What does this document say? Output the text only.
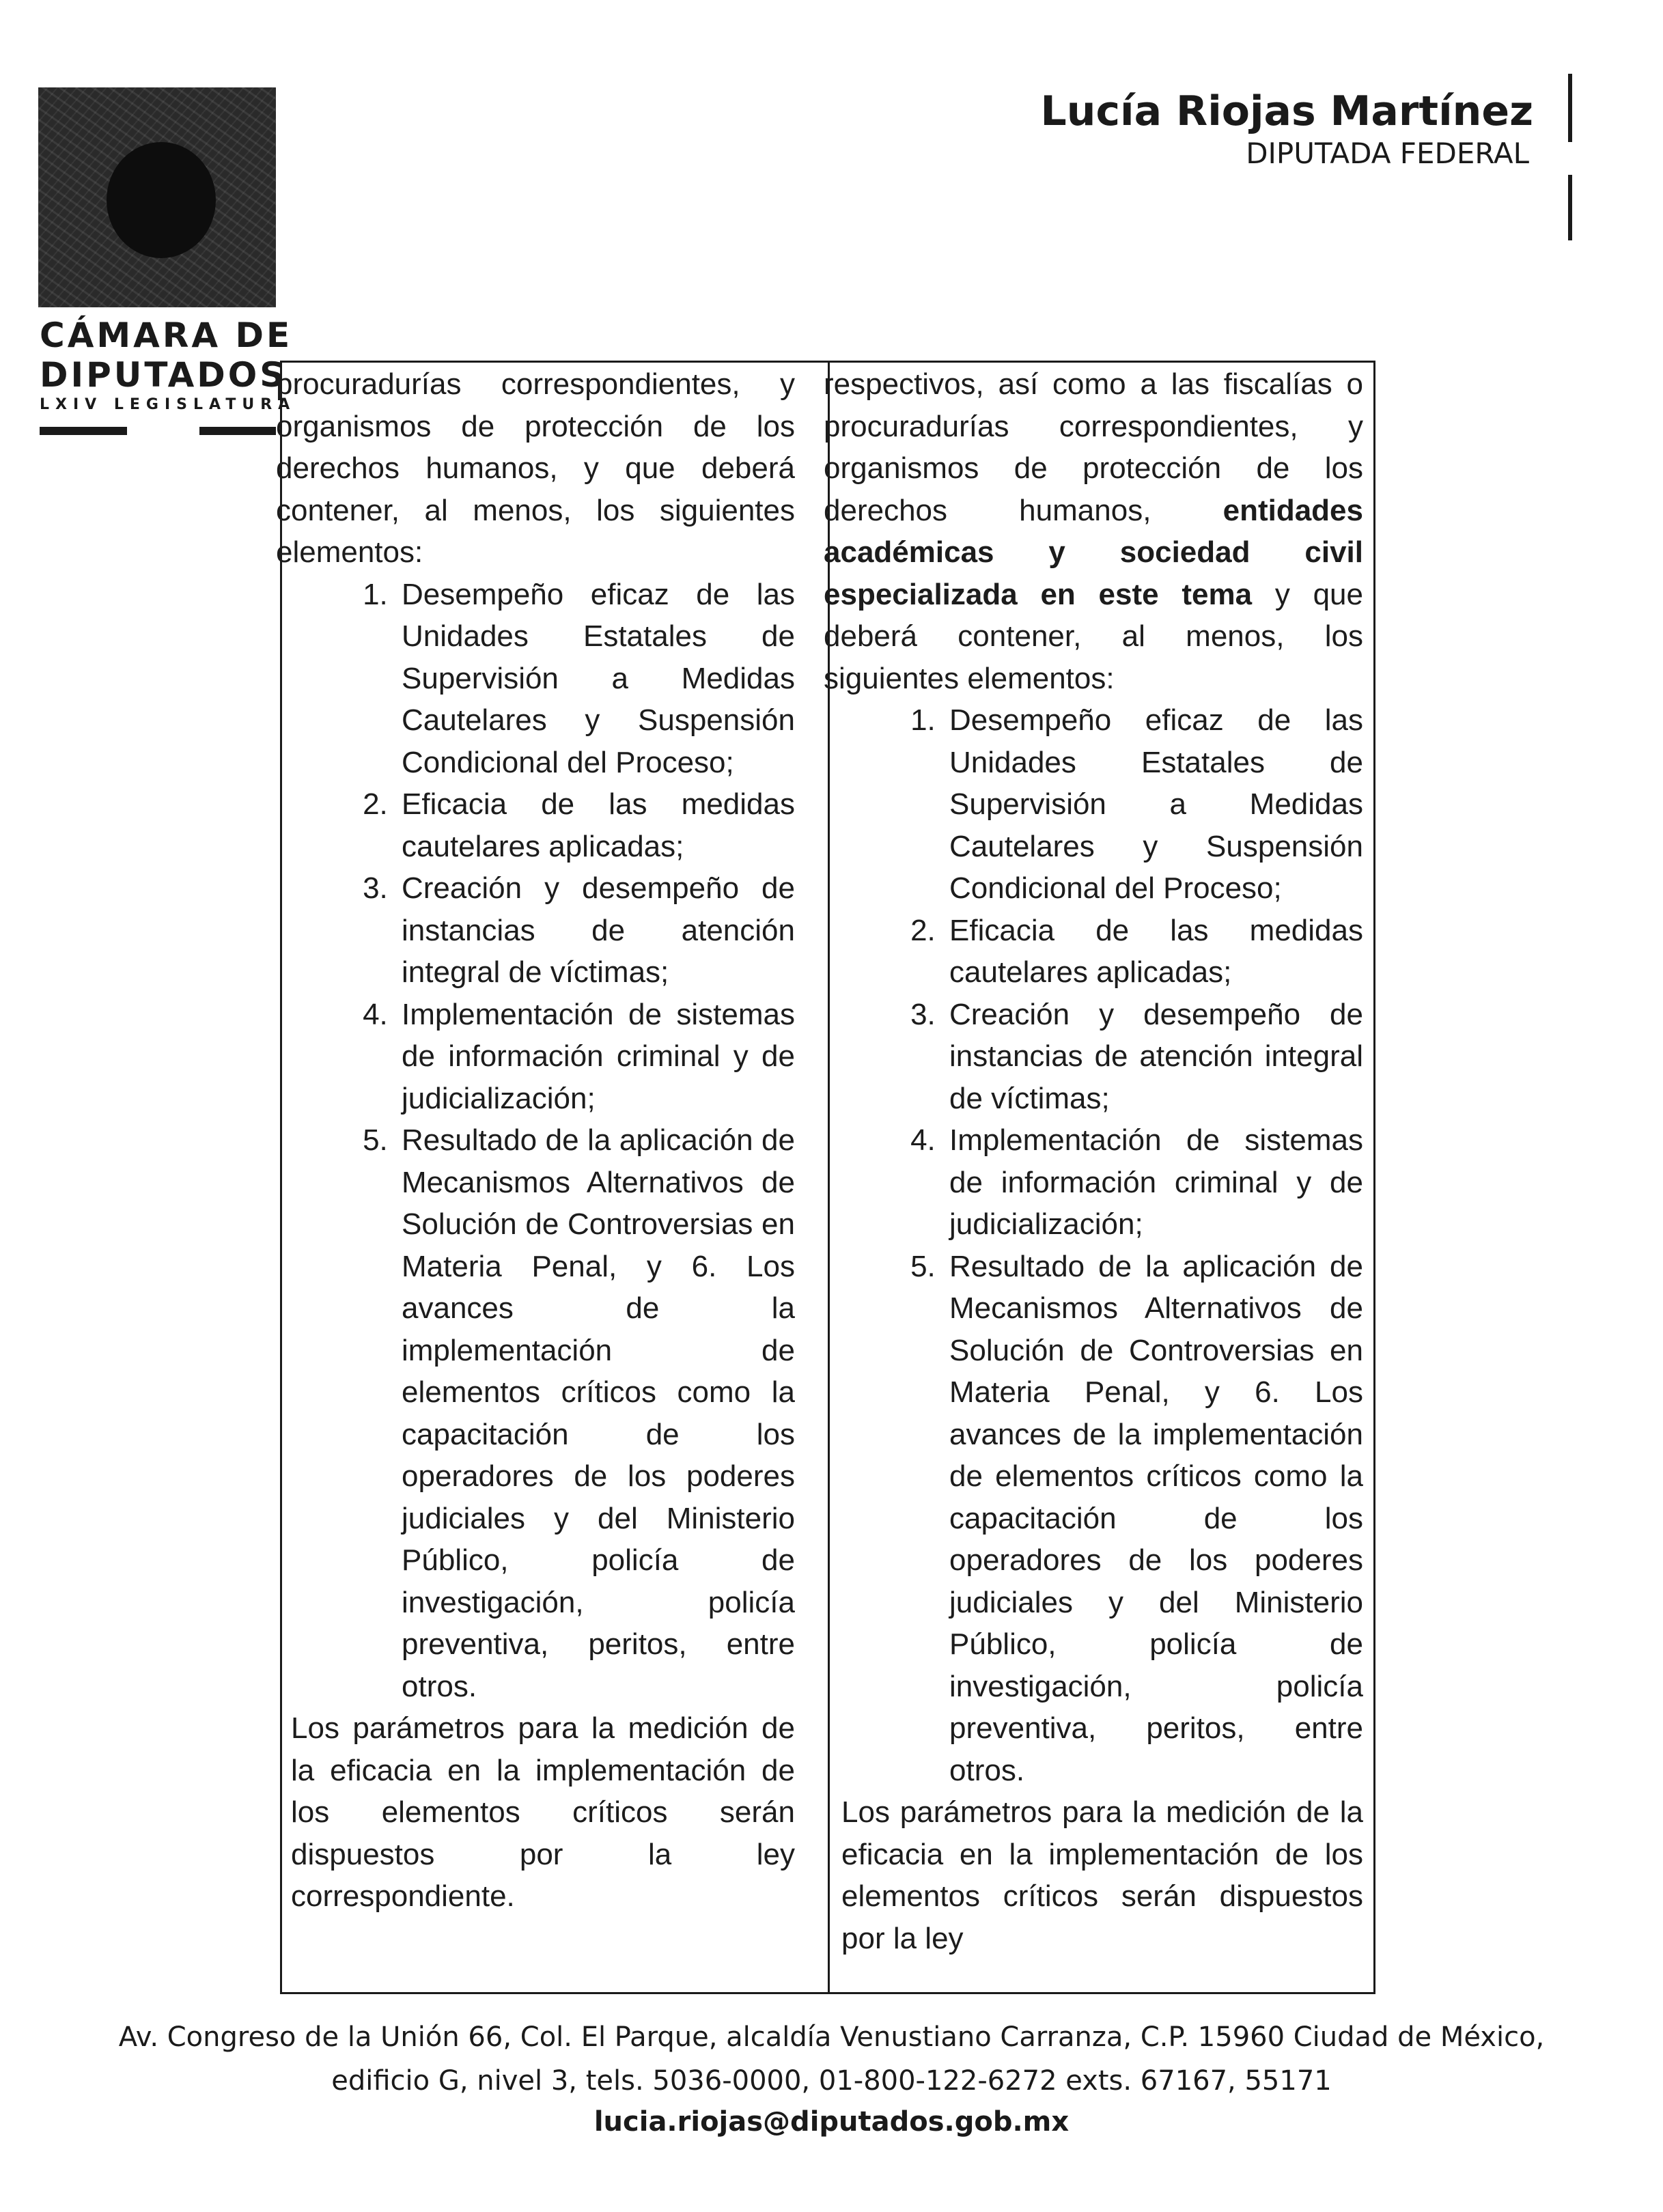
CÁMARA DE
DIPUTADOS
LXIV LEGISLATURA
Lucía Riojas Martínez
DIPUTADA FEDERAL

procuradurías correspondientes, y organismos de protección de los derechos humanos, y que deberá contener, al menos, los siguientes elementos:

1. Desempeño eficaz de las Unidades Estatales de Supervisión a Medidas Cautelares y Suspensión Condicional del Proceso;
2. Eficacia de las medidas cautelares aplicadas;
3. Creación y desempeño de instancias de atención integral de víctimas;
4. Implementación de sistemas de información criminal y de judicialización;
5. Resultado de la aplicación de Mecanismos Alternativos de Solución de Controversias en Materia Penal, y 6. Los avances de la implementación de elementos críticos como la capacitación de los operadores de los poderes judiciales y del Ministerio Público, policía de investigación, policía preventiva, peritos, entre otros.

Los parámetros para la medición de la eficacia en la implementación de los elementos críticos serán dispuestos por la ley correspondiente.

respectivos, así como a las fiscalías o procuradurías correspondientes, y organismos de protección de los derechos humanos, entidades académicas y sociedad civil especializada en este tema y que deberá contener, al menos, los siguientes elementos:

1. Desempeño eficaz de las Unidades Estatales de Supervisión a Medidas Cautelares y Suspensión Condicional del Proceso;
2. Eficacia de las medidas cautelares aplicadas;
3. Creación y desempeño de instancias de atención integral de víctimas;
4. Implementación de sistemas de información criminal y de judicialización;
5. Resultado de la aplicación de Mecanismos Alternativos de Solución de Controversias en Materia Penal, y 6. Los avances de la implementación de elementos críticos como la capacitación de los operadores de los poderes judiciales y del Ministerio Público, policía de investigación, policía preventiva, peritos, entre otros.

Los parámetros para la medición de la eficacia en la implementación de los elementos críticos serán dispuestos por la ley

Av. Congreso de la Unión 66, Col. El Parque, alcaldía Venustiano Carranza, C.P. 15960 Ciudad de México,
edificio G, nivel 3, tels. 5036-0000, 01-800-122-6272 exts. 67167, 55171
lucia.riojas@diputados.gob.mx
